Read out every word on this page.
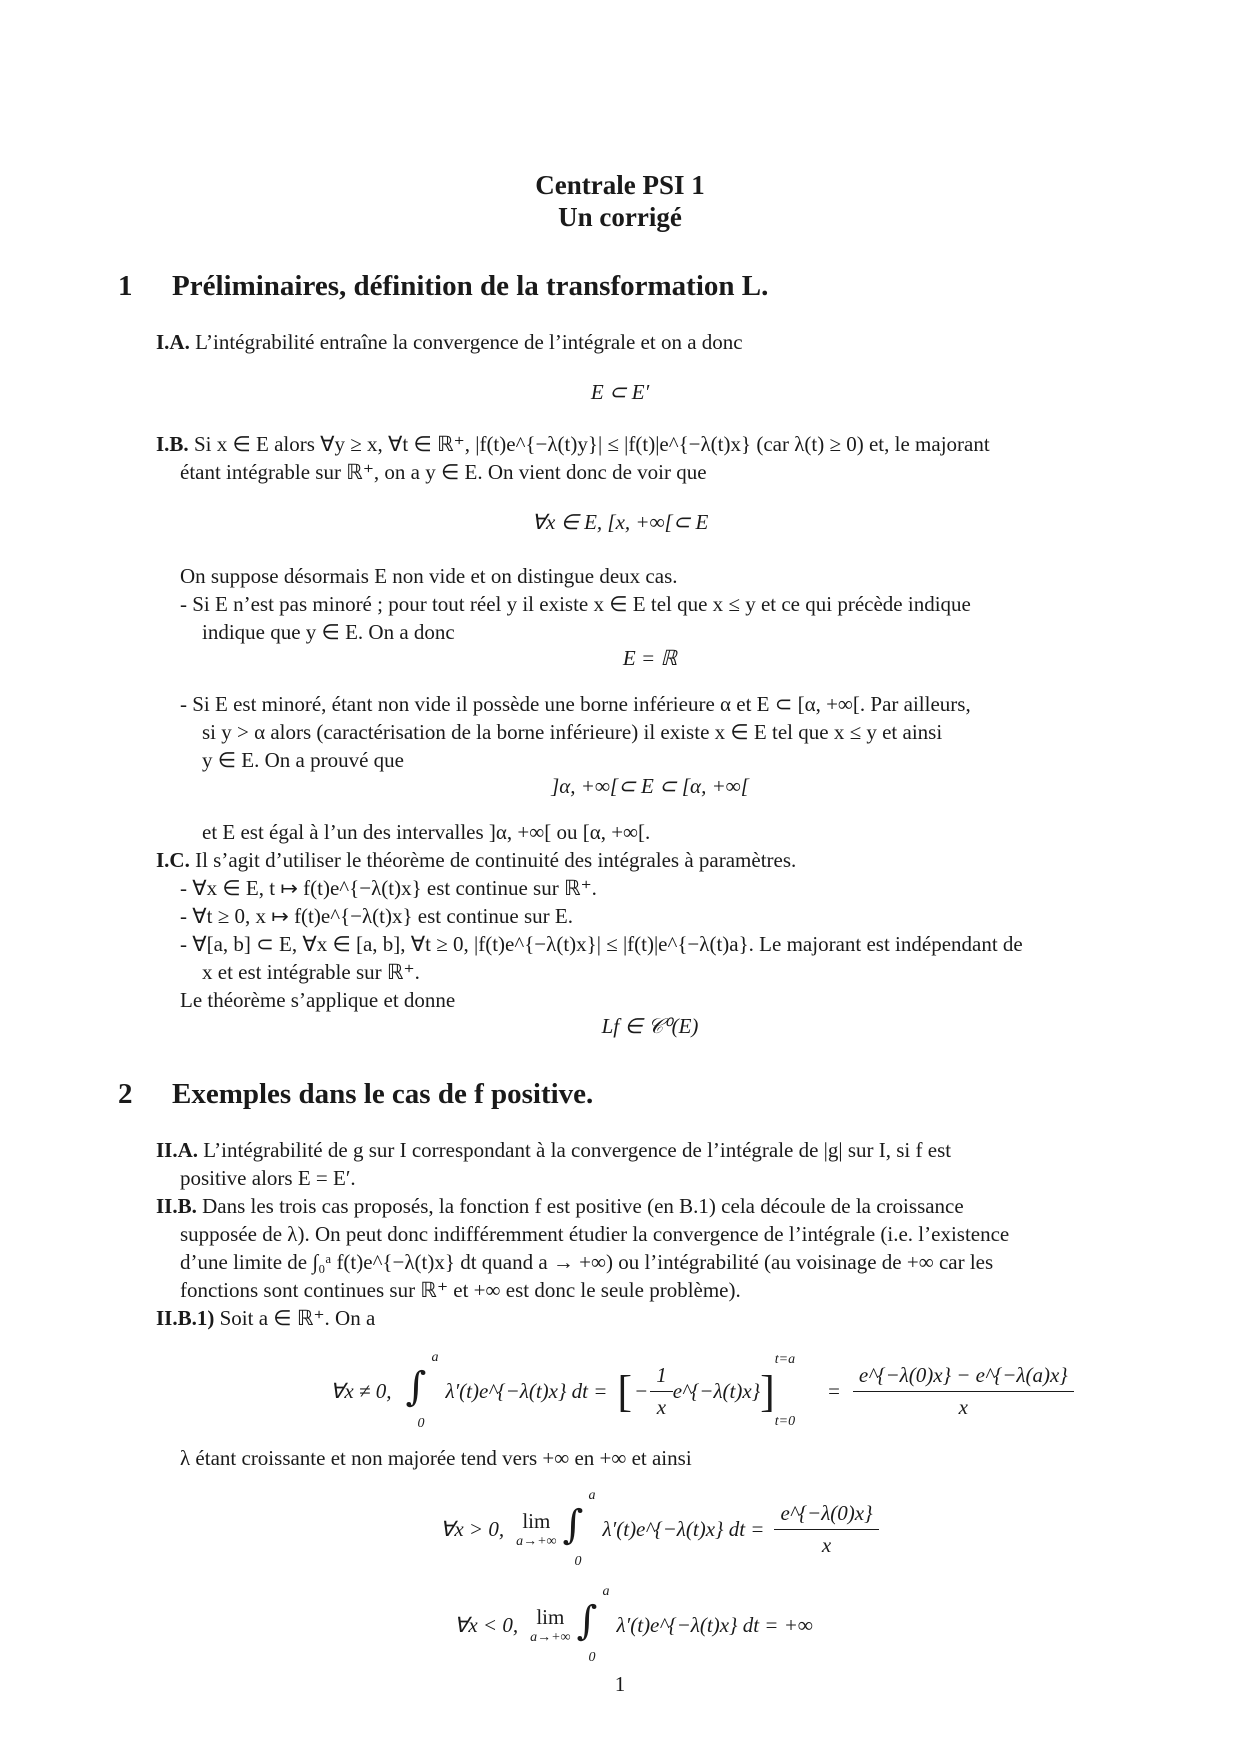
Centrale PSI 1
Un corrigé
1 Préliminaires, définition de la transformation L.
I.A. L’intégrabilité entraîne la convergence de l’intégrale et on a donc
E ⊂ E′
I.B. Si x ∈ E alors ∀y ≥ x, ∀t ∈ ℝ⁺, |f(t)e^{−λ(t)y}| ≤ |f(t)|e^{−λ(t)x} (car λ(t) ≥ 0) et, le majorant
étant intégrable sur ℝ⁺, on a y ∈ E. On vient donc de voir que
∀x ∈ E, [x, +∞[⊂ E
On suppose désormais E non vide et on distingue deux cas.
- Si E n’est pas minoré ; pour tout réel y il existe x ∈ E tel que x ≤ y et ce qui précède indique
indique que y ∈ E. On a donc
E = ℝ
- Si E est minoré, étant non vide il possède une borne inférieure α et E ⊂ [α, +∞[. Par ailleurs,
si y > α alors (caractérisation de la borne inférieure) il existe x ∈ E tel que x ≤ y et ainsi
y ∈ E. On a prouvé que
]α, +∞[⊂ E ⊂ [α, +∞[
et E est égal à l’un des intervalles ]α, +∞[ ou [α, +∞[.
I.C. Il s’agit d’utiliser le théorème de continuité des intégrales à paramètres.
- ∀x ∈ E, t ↦ f(t)e^{−λ(t)x} est continue sur ℝ⁺.
- ∀t ≥ 0, x ↦ f(t)e^{−λ(t)x} est continue sur E.
- ∀[a, b] ⊂ E, ∀x ∈ [a, b], ∀t ≥ 0, |f(t)e^{−λ(t)x}| ≤ |f(t)|e^{−λ(t)a}. Le majorant est indépendant de
x et est intégrable sur ℝ⁺.
Le théorème s’applique et donne
Lf ∈ 𝒞⁰(E)
2 Exemples dans le cas de f positive.
II.A. L’intégrabilité de g sur I correspondant à la convergence de l’intégrale de |g| sur I, si f est
positive alors E = E′.
II.B. Dans les trois cas proposés, la fonction f est positive (en B.1) cela découle de la croissance
supposée de λ). On peut donc indifféremment étudier la convergence de l’intégrale (i.e. l’existence
d’une limite de ∫₀ᵃ f(t)e^{−λ(t)x} dt quand a → +∞) ou l’intégrabilité (au voisinage de +∞ car les
fonctions sont continues sur ℝ⁺ et +∞ est donc le seule problème).
II.B.1) Soit a ∈ ℝ⁺. On a
∀x ≠ 0, ∫
a
0
λ′(t)e^{−λ(t)x} dt = [ − $\frac{1}{x}$ e^{−λ(t)x} ]
t=a
t=0
= $\frac{e\^{}\{-\lambda(0)x\} - e\^{}\{-\lambda(a)x\}}{x}$
λ étant croissante et non majorée tend vers +∞ en +∞ et ainsi
∀x > 0, lim
a→+∞ ∫
a
0
λ′(t)e^{−λ(t)x} dt = $\frac{e\^{}\{-\lambda(0)x\}}{x}$
∀x < 0, lim
a→+∞ ∫
a
0
λ′(t)e^{−λ(t)x} dt = +∞
1
